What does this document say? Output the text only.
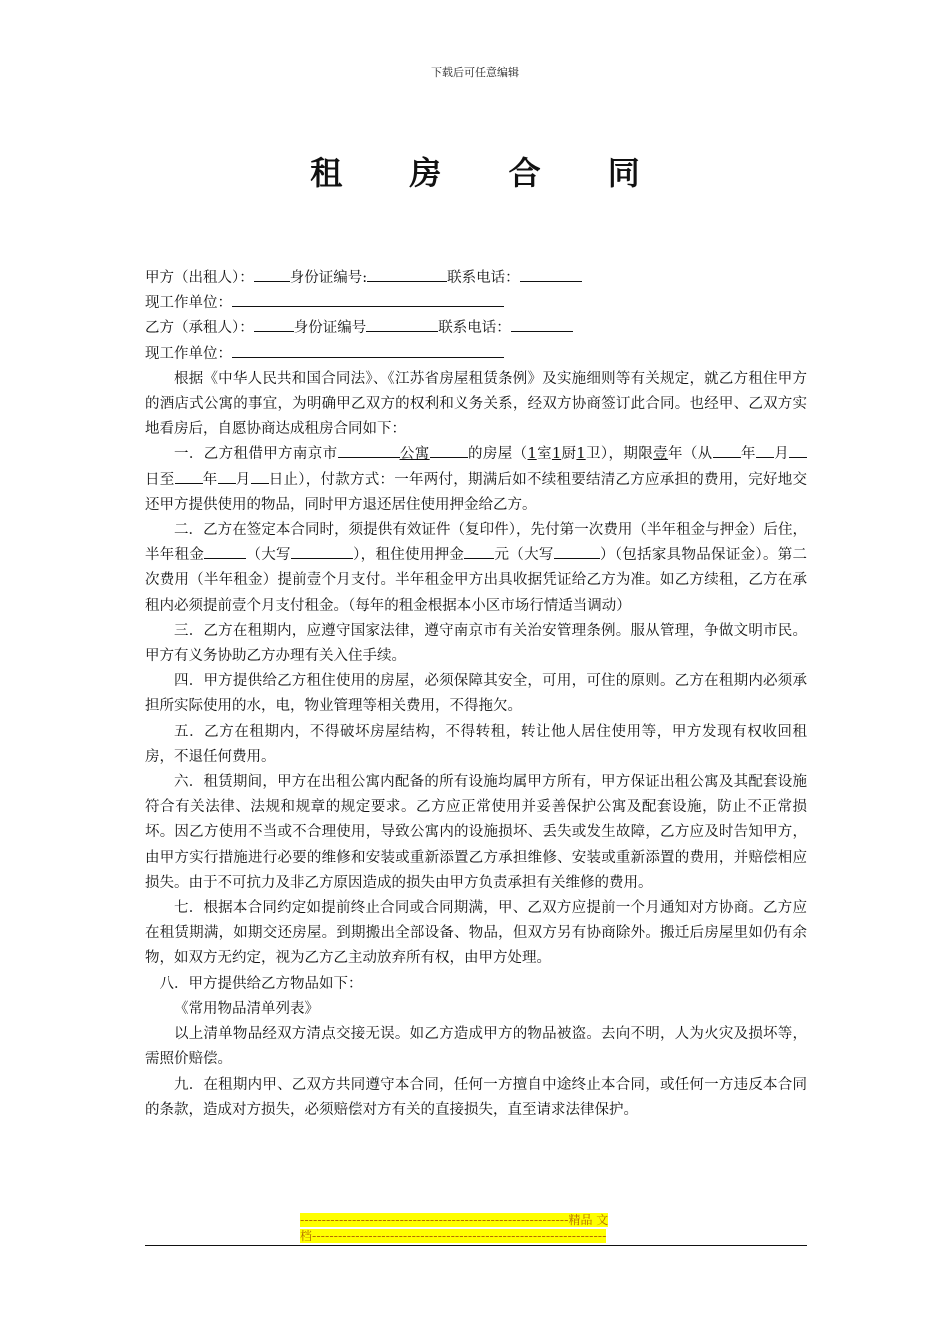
下载后可任意编辑
租 房 合 同
甲方（出租人）： 身份证编号:	联系电话：
现工作单位：
乙方（承租人）：	身份证编号	联系电话：
现工作单位：

根据《中华人民共和国合同法》、《江苏省房屋租赁条例》及实施细则等有关规定，就乙方租住甲方的酒店式公寓的事宜，为明确甲乙双方的权利和义务关系，经双方协商签订此合同。也经甲、乙双方实地看房后，自愿协商达成租房合同如下：

一．乙方租借甲方南京市	公寓	的房屋（1室1厨1卫），期限壹年（从 年 月日至 年 月 日止），付款方式：一年两付，期满后如不续租要结清乙方应承担的费用，完好地交还甲方提供使用的物品，同时甲方退还居住使用押金给乙方。

二．乙方在签定本合同时，须提供有效证件（复印件），先付第一次费用（半年租金与押金）后住，半年租金	（大写	），租住使用押金 元（大写	）（包括家具物品保证金）。第二次费用（半年租金）提前壹个月支付。半年租金甲方出具收据凭证给乙方为准。如乙方续租，乙方在承租内必须提前壹个月支付租金。（每年的租金根据本小区市场行情适当调动）

三．乙方在租期内，应遵守国家法律，遵守南京市有关治安管理条例。服从管理，争做文明市民。甲方有义务协助乙方办理有关入住手续。

四．甲方提供给乙方租住使用的房屋，必须保障其安全，可用，可住的原则。乙方在租期内必须承担所实际使用的水，电，物业管理等相关费用，不得拖欠。

五．乙方在租期内，不得破坏房屋结构，不得转租，转让他人居住使用等，甲方发现有权收回租房，不退任何费用。

六．租赁期间，甲方在出租公寓内配备的所有设施均属甲方所有，甲方保证出租公寓及其配套设施符合有关法律、法规和规章的规定要求。乙方应正常使用并妥善保护公寓及配套设施，防止不正常损坏。因乙方使用不当或不合理使用，导致公寓内的设施损坏、丢失或发生故障，乙方应及时告知甲方，由甲方实行措施进行必要的维修和安装或重新添置乙方承担维修、安装或重新添置的费用，并赔偿相应损失。由于不可抗力及非乙方原因造成的损失由甲方负责承担有关维修的费用。

七．根据本合同约定如提前终止合同或合同期满，甲、乙双方应提前一个月通知对方协商。乙方应在租赁期满，如期交还房屋。到期搬出全部设备、物品，但双方另有协商除外。搬迁后房屋里如仍有余物，如双方无约定，视为乙方乙主动放弃所有权，由甲方处理。

八．甲方提供给乙方物品如下：

《常用物品清单列表》

以上清单物品经双方清点交接无误。如乙方造成甲方的物品被盗。去向不明，人为火灾及损坏等，需照价赔偿。

九．在租期内甲、乙双方共同遵守本合同，任何一方擅自中途终止本合同，或任何一方违反本合同的条款，造成对方损失，必须赔偿对方有关的直接损失，直至请求法律保护。

--------------------------------------------------------------精品 文
档--------------------------------------------------------------------
